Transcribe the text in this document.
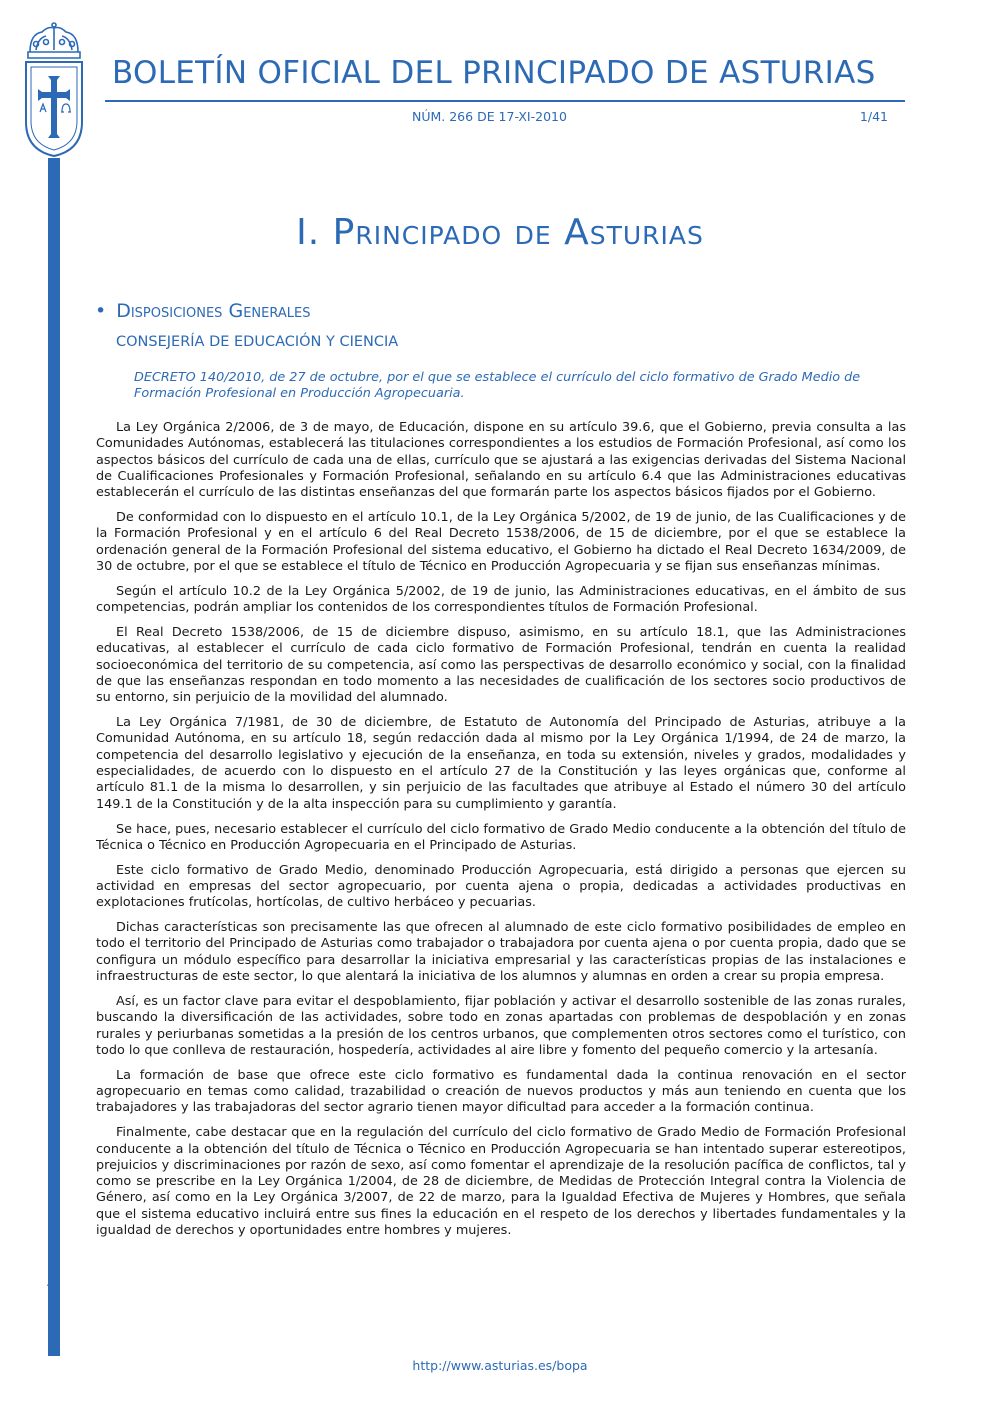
BOLETÍN OFICIAL DEL PRINCIPADO DE ASTURIAS
NÚM. 266 DE 17-XI-2010	1/41
Cód. 2010-23884
I. Principado de Asturias
• Disposiciones Generales
CONSEJERÍA DE EDUCACIÓN Y CIENCIA
DECRETO 140/2010, de 27 de octubre, por el que se establece el currículo del ciclo formativo de Grado Medio de Formación Profesional en Producción Agropecuaria.

La Ley Orgánica 2/2006, de 3 de mayo, de Educación, dispone en su artículo 39.6, que el Gobierno, previa consulta a las Comunidades Autónomas, establecerá las titulaciones correspondientes a los estudios de Formación Profesional, así como los aspectos básicos del currículo de cada una de ellas, currículo que se ajustará a las exigencias derivadas del Sistema Nacional de Cualificaciones Profesionales y Formación Profesional, señalando en su artículo 6.4 que las Administraciones educativas establecerán el currículo de las distintas enseñanzas del que formarán parte los aspectos básicos fijados por el Gobierno.

De conformidad con lo dispuesto en el artículo 10.1, de la Ley Orgánica 5/2002, de 19 de junio, de las Cualificaciones y de la Formación Profesional y en el artículo 6 del Real Decreto 1538/2006, de 15 de diciembre, por el que se establece la ordenación general de la Formación Profesional del sistema educativo, el Gobierno ha dictado el Real Decreto 1634/2009, de 30 de octubre, por el que se establece el título de Técnico en Producción Agropecuaria y se fijan sus enseñanzas mínimas.

Según el artículo 10.2 de la Ley Orgánica 5/2002, de 19 de junio, las Administraciones educativas, en el ámbito de sus competencias, podrán ampliar los contenidos de los correspondientes títulos de Formación Profesional.

El Real Decreto 1538/2006, de 15 de diciembre dispuso, asimismo, en su artículo 18.1, que las Administraciones educativas, al establecer el currículo de cada ciclo formativo de Formación Profesional, tendrán en cuenta la realidad socioeconómica del territorio de su competencia, así como las perspectivas de desarrollo económico y social, con la finalidad de que las enseñanzas respondan en todo momento a las necesidades de cualificación de los sectores socio productivos de su entorno, sin perjuicio de la movilidad del alumnado.

La Ley Orgánica 7/1981, de 30 de diciembre, de Estatuto de Autonomía del Principado de Asturias, atribuye a la Comunidad Autónoma, en su artículo 18, según redacción dada al mismo por la Ley Orgánica 1/1994, de 24 de marzo, la competencia del desarrollo legislativo y ejecución de la enseñanza, en toda su extensión, niveles y grados, modalidades y especialidades, de acuerdo con lo dispuesto en el artículo 27 de la Constitución y las leyes orgánicas que, conforme al artículo 81.1 de la misma lo desarrollen, y sin perjuicio de las facultades que atribuye al Estado el número 30 del artículo 149.1 de la Constitución y de la alta inspección para su cumplimiento y garantía.

Se hace, pues, necesario establecer el currículo del ciclo formativo de Grado Medio conducente a la obtención del título de Técnica o Técnico en Producción Agropecuaria en el Principado de Asturias.

Este ciclo formativo de Grado Medio, denominado Producción Agropecuaria, está dirigido a personas que ejercen su actividad en empresas del sector agropecuario, por cuenta ajena o propia, dedicadas a actividades productivas en explotaciones frutícolas, hortícolas, de cultivo herbáceo y pecuarias.

Dichas características son precisamente las que ofrecen al alumnado de este ciclo formativo posibilidades de empleo en todo el territorio del Principado de Asturias como trabajador o trabajadora por cuenta ajena o por cuenta propia, dado que se configura un módulo específico para desarrollar la iniciativa empresarial y las características propias de las instalaciones e infraestructuras de este sector, lo que alentará la iniciativa de los alumnos y alumnas en orden a crear su propia empresa.

Así, es un factor clave para evitar el despoblamiento, fijar población y activar el desarrollo sostenible de las zonas rurales, buscando la diversificación de las actividades, sobre todo en zonas apartadas con problemas de despoblación y en zonas rurales y periurbanas sometidas a la presión de los centros urbanos, que complementen otros sectores como el turístico, con todo lo que conlleva de restauración, hospedería, actividades al aire libre y fomento del pequeño comercio y la artesanía.

La formación de base que ofrece este ciclo formativo es fundamental dada la continua renovación en el sector agropecuario en temas como calidad, trazabilidad o creación de nuevos productos y más aun teniendo en cuenta que los trabajadores y las trabajadoras del sector agrario tienen mayor dificultad para acceder a la formación continua.

Finalmente, cabe destacar que en la regulación del currículo del ciclo formativo de Grado Medio de Formación Profesional conducente a la obtención del título de Técnica o Técnico en Producción Agropecuaria se han intentado superar estereotipos, prejuicios y discriminaciones por razón de sexo, así como fomentar el aprendizaje de la resolución pacífica de conflictos, tal y como se prescribe en la Ley Orgánica 1/2004, de 28 de diciembre, de Medidas de Protección Integral contra la Violencia de Género, así como en la Ley Orgánica 3/2007, de 22 de marzo, para la Igualdad Efectiva de Mujeres y Hombres, que señala que el sistema educativo incluirá entre sus fines la educación en el respeto de los derechos y libertades fundamentales y la igualdad de derechos y oportunidades entre hombres y mujeres.

http://www.asturias.es/bopa
